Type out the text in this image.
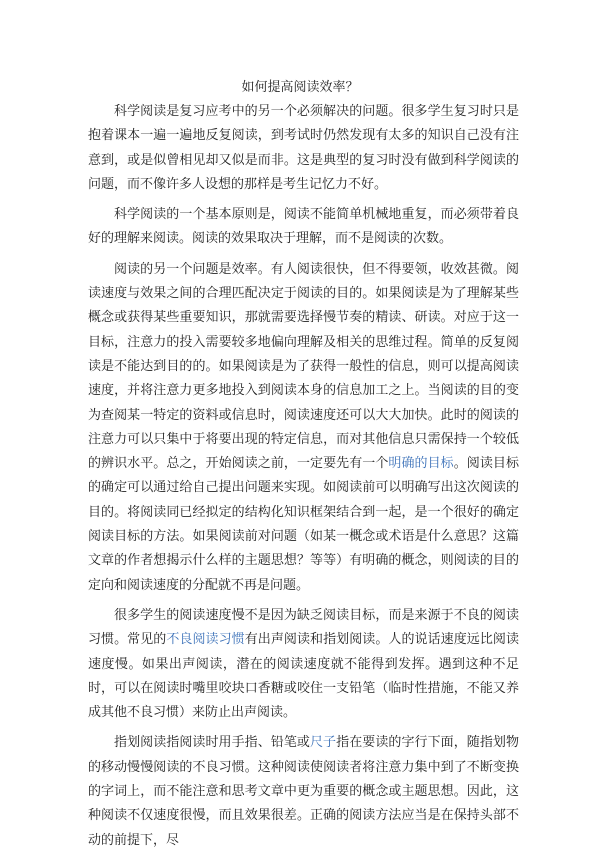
如何提高阅读效率？

科学阅读是复习应考中的另一个必须解决的问题。很多学生复习时只是抱着课本一遍一遍地反复阅读，到考试时仍然发现有太多的知识自己没有注意到，或是似曾相见却又似是而非。这是典型的复习时没有做到科学阅读的问题，而不像许多人设想的那样是考生记忆力不好。

科学阅读的一个基本原则是，阅读不能简单机械地重复，而必须带着良好的理解来阅读。阅读的效果取决于理解，而不是阅读的次数。

阅读的另一个问题是效率。有人阅读很快，但不得要领，收效甚微。阅读速度与效果之间的合理匹配决定于阅读的目的。如果阅读是为了理解某些概念或获得某些重要知识，那就需要选择慢节奏的精读、研读。对应于这一目标，注意力的投入需要较多地偏向理解及相关的思维过程。简单的反复阅读是不能达到目的的。如果阅读是为了获得一般性的信息，则可以提高阅读速度，并将注意力更多地投入到阅读本身的信息加工之上。当阅读的目的变为查阅某一特定的资料或信息时，阅读速度还可以大大加快。此时的阅读的注意力可以只集中于将要出现的特定信息，而对其他信息只需保持一个较低的辨识水平。总之，开始阅读之前，一定要先有一个明确的目标。阅读目标的确定可以通过给自己提出问题来实现。如阅读前可以明确写出这次阅读的目的。将阅读同已经拟定的结构化知识框架结合到一起，是一个很好的确定阅读目标的方法。如果阅读前对问题（如某一概念或术语是什么意思？这篇文章的作者想揭示什么样的主题思想？等等）有明确的概念，则阅读的目的定向和阅读速度的分配就不再是问题。

很多学生的阅读速度慢不是因为缺乏阅读目标，而是来源于不良的阅读习惯。常见的不良阅读习惯有出声阅读和指划阅读。人的说话速度远比阅读速度慢。如果出声阅读，潜在的阅读速度就不能得到发挥。遇到这种不足时，可以在阅读时嘴里咬块口香糖或咬住一支铅笔（临时性措施，不能又养成其他不良习惯）来防止出声阅读。

指划阅读指阅读时用手指、铅笔或尺子指在要读的字行下面，随指划物的移动慢慢阅读的不良习惯。这种阅读使阅读者将注意力集中到了不断变换的字词上，而不能注意和思考文章中更为重要的概念或主题思想。因此，这种阅读不仅速度很慢，而且效果很差。正确的阅读方法应当是在保持头部不动的前提下，尽
